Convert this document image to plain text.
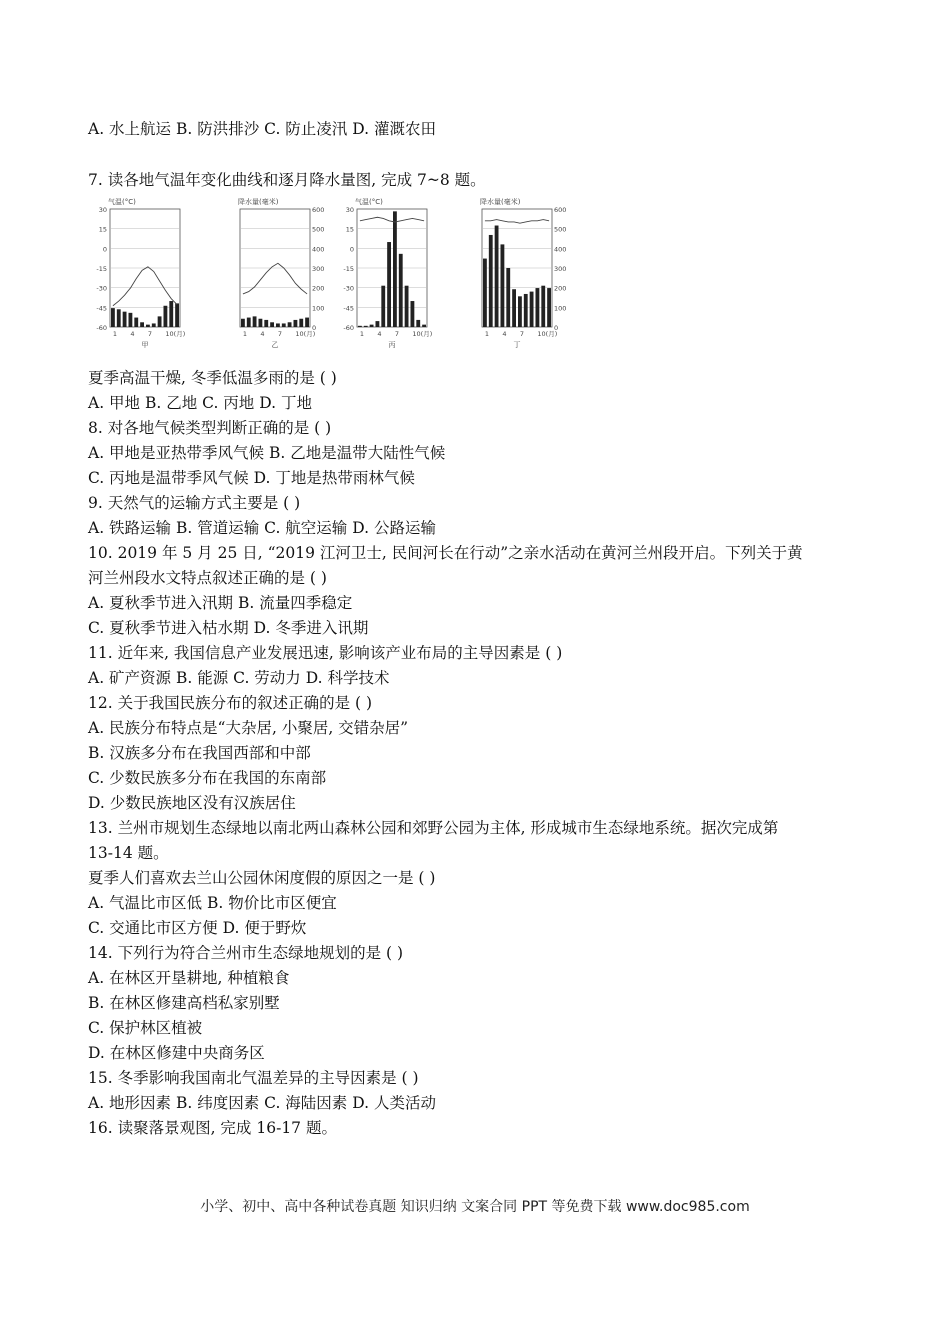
A. 水上航运 B. 防洪排沙 C. 防止凌汛 D. 灌溉农田
7. 读各地气温年变化曲线和逐月降水量图, 完成 7~8 题。
夏季高温干燥, 冬季低温多雨的是 ( )
A. 甲地 B. 乙地 C. 丙地 D. 丁地
8. 对各地气候类型判断正确的是 ( )
A. 甲地是亚热带季风气候 B. 乙地是温带大陆性气候
C. 丙地是温带季风气候 D. 丁地是热带雨林气候
9. 天然气的运输方式主要是 ( )
A. 铁路运输 B. 管道运输 C. 航空运输 D. 公路运输
10. 2019 年 5 月 25 日, “2019 江河卫士, 民间河长在行动”之亲水活动在黄河兰州段开启。下列关于黄
河兰州段水文特点叙述正确的是 ( )
A. 夏秋季节进入汛期 B. 流量四季稳定
C. 夏秋季节进入枯水期 D. 冬季进入讯期
11. 近年来, 我国信息产业发展迅速, 影响该产业布局的主导因素是 ( )
A. 矿产资源 B. 能源 C. 劳动力 D. 科学技术
12. 关于我国民族分布的叙述正确的是 ( )
A. 民族分布特点是“大杂居, 小聚居, 交错杂居”
B. 汉族多分布在我国西部和中部
C. 少数民族多分布在我国的东南部
D. 少数民族地区没有汉族居住
13. 兰州市规划生态绿地以南北两山森林公园和郊野公园为主体, 形成城市生态绿地系统。据次完成第
13-14 题。
夏季人们喜欢去兰山公园休闲度假的原因之一是 ( )
A. 气温比市区低 B. 物价比市区便宜
C. 交通比市区方便 D. 便于野炊
14. 下列行为符合兰州市生态绿地规划的是 ( )
A. 在林区开垦耕地, 种植粮食
B. 在林区修建高档私家别墅
C. 保护林区植被
D. 在林区修建中央商务区
15. 冬季影响我国南北气温差异的主导因素是 ( )
A. 地形因素 B. 纬度因素 C. 海陆因素 D. 人类活动
16. 读聚落景观图, 完成 16-17 题。
气温(°C)
30
15
0
-15
-30
-45
-60
1 4 7 10(月)
甲
降水量(毫米)
600
500
400
300
200
100
0
1 4 7 10(月)
乙
气温(°C)
30
15
0
-15
-30
-45
-60
1 4 7 10(月)
丙
降水量(毫米)
600
500
400
300
200
100
0
1 4 7 10(月)
丁
小学、初中、高中各种试卷真题 知识归纳 文案合同 PPT 等免费下载 www.doc985.com
